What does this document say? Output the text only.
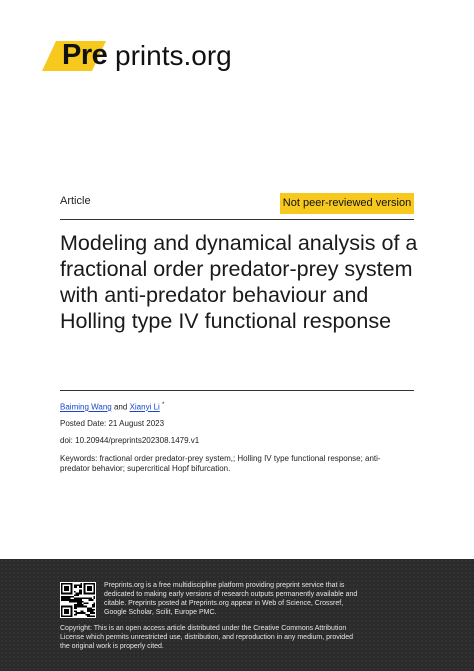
Pre prints.org
Article	Not peer-reviewed version
Modeling and dynamical analysis of a fractional order predator-prey system with anti-predator behaviour and Holling type IV functional response
Baiming Wang and Xianyi Li *
Posted Date: 21 August 2023
doi: 10.20944/preprints202308.1479.v1
Keywords: fractional order predator-prey system,; Holling IV type functional response; anti-predator behavior; supercritical Hopf bifurcation.
Preprints.org is a free multidiscipline platform providing preprint service that is dedicated to making early versions of research outputs permanently available and citable. Preprints posted at Preprints.org appear in Web of Science, Crossref, Google Scholar, Scilit, Europe PMC.
Copyright: This is an open access article distributed under the Creative Commons Attribution License which permits unrestricted use, distribution, and reproduction in any medium, provided the original work is properly cited.
